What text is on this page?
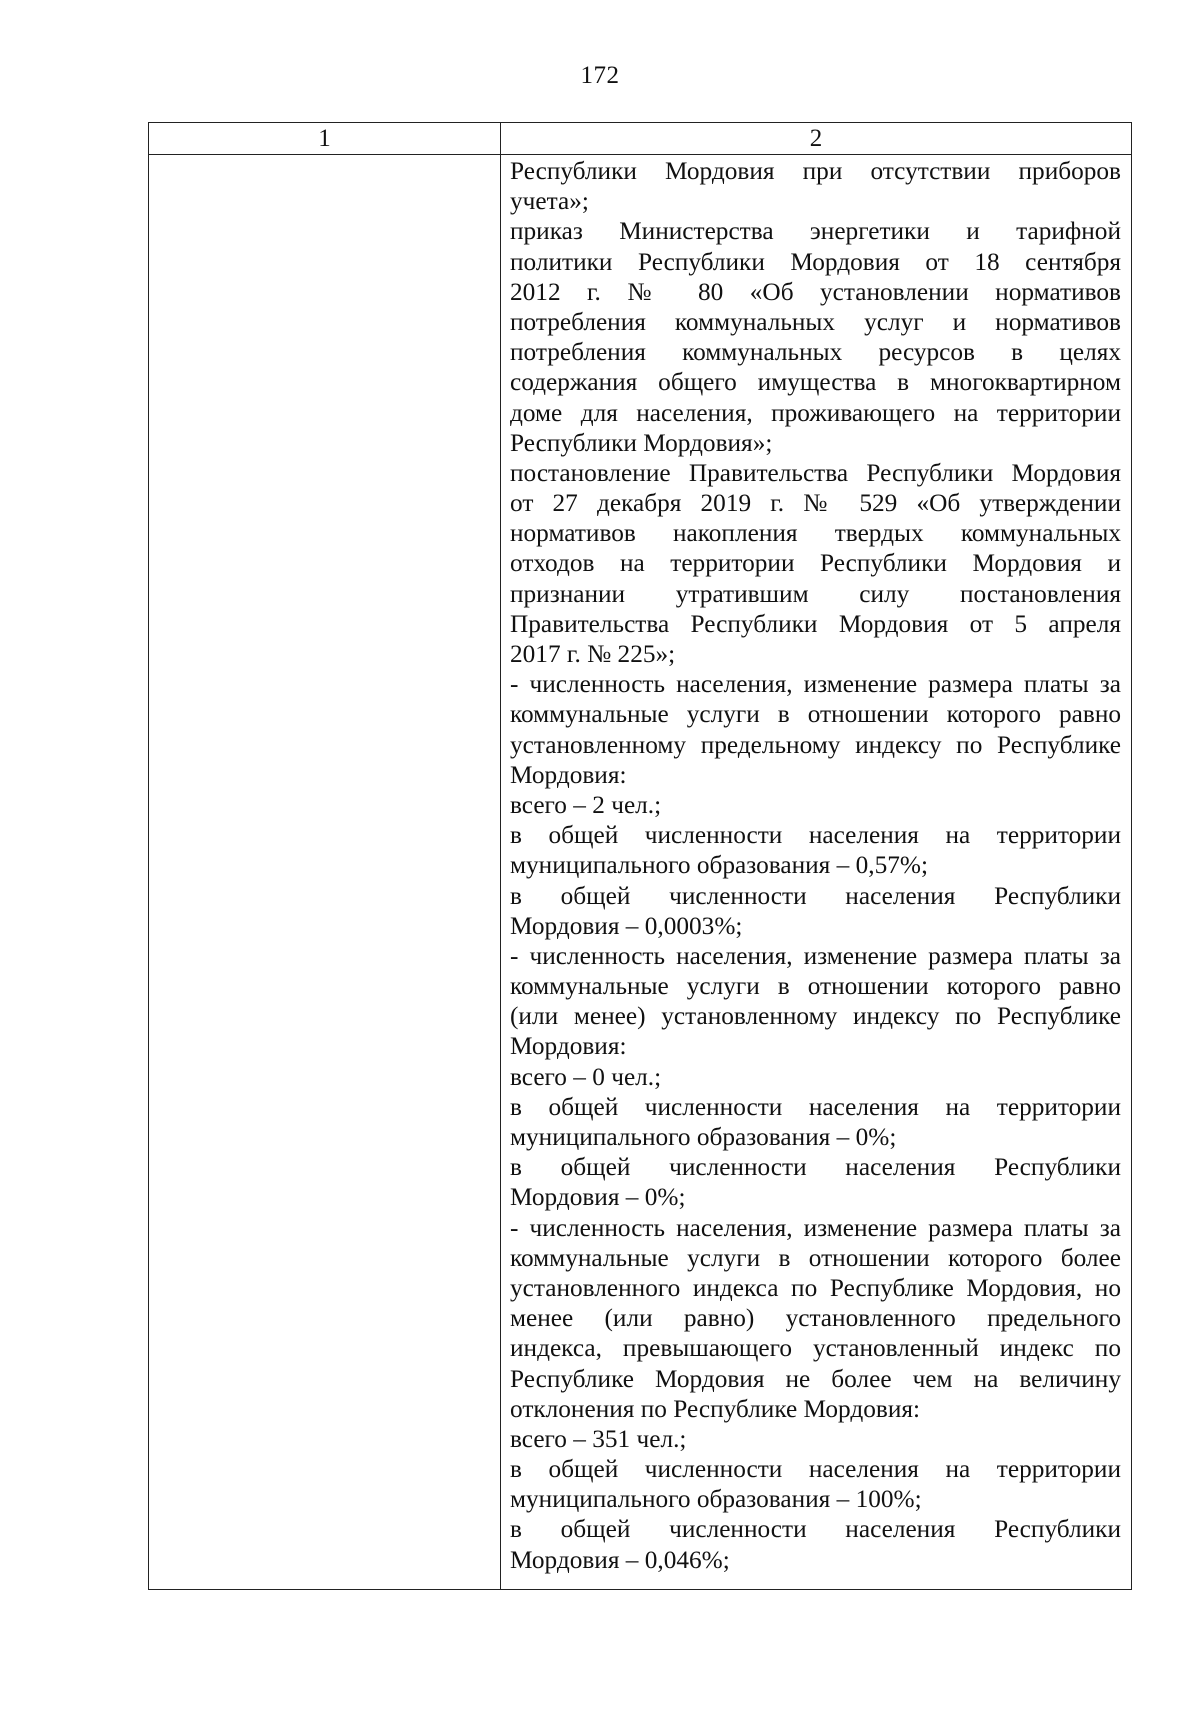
172
1	2
Республики Мордовия при отсутствии приборов
учета»;
приказ Министерства энергетики и тарифной
политики Республики Мордовия от 18 сентября
2012 г. № 80 «Об установлении нормативов
потребления коммунальных услуг и нормативов
потребления коммунальных ресурсов в целях
содержания общего имущества в многоквартирном
доме для населения, проживающего на территории
Республики Мордовия»;
постановление Правительства Республики Мордовия
от 27 декабря 2019 г. № 529 «Об утверждении
нормативов накопления твердых коммунальных
отходов на территории Республики Мордовия и
признании утратившим силу постановления
Правительства Республики Мордовия от 5 апреля
2017 г. № 225»;
- численность населения, изменение размера платы за
коммунальные услуги в отношении которого равно
установленному предельному индексу по Республике
Мордовия:
всего – 2 чел.;
в общей численности населения на территории
муниципального образования – 0,57%;
в общей численности населения Республики
Мордовия – 0,0003%;
- численность населения, изменение размера платы за
коммунальные услуги в отношении которого равно
(или менее) установленному индексу по Республике
Мордовия:
всего – 0 чел.;
в общей численности населения на территории
муниципального образования – 0%;
в общей численности населения Республики
Мордовия – 0%;
- численность населения, изменение размера платы за
коммунальные услуги в отношении которого более
установленного индекса по Республике Мордовия, но
менее (или равно) установленного предельного
индекса, превышающего установленный индекс по
Республике Мордовия не более чем на величину
отклонения по Республике Мордовия:
всего – 351 чел.;
в общей численности населения на территории
муниципального образования – 100%;
в общей численности населения Республики
Мордовия – 0,046%;
